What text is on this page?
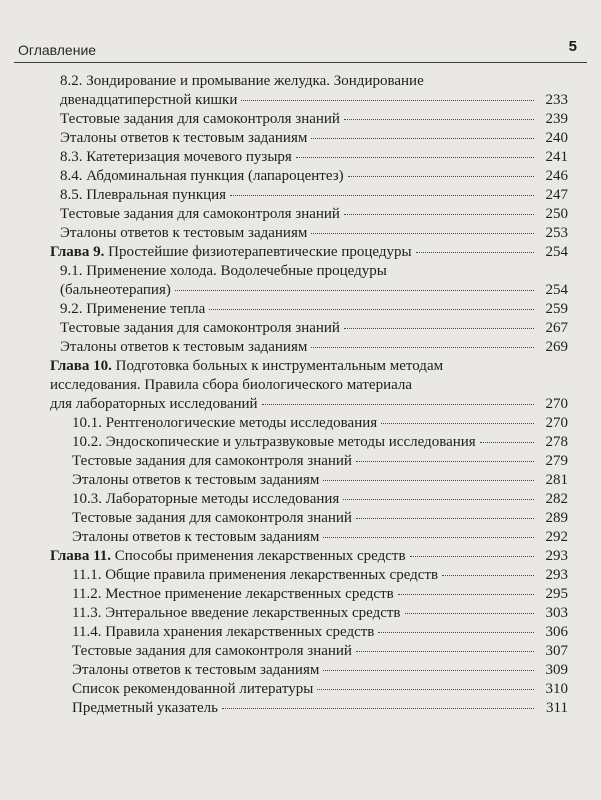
Оглавление	5
8.2. Зондирование и промывание желудка. Зондирование
двенадцатиперстной кишки	233
Тестовые задания для самоконтроля знаний	239
Эталоны ответов к тестовым заданиям	240
8.3. Катетеризация мочевого пузыря	241
8.4. Абдоминальная пункция (лапароцентез)	246
8.5. Плевральная пункция	247
Тестовые задания для самоконтроля знаний	250
Эталоны ответов к тестовым заданиям	253
Глава 9. Простейшие физиотерапевтические процедуры	254
9.1. Применение холода. Водолечебные процедуры
(бальнеотерапия)	254
9.2. Применение тепла	259
Тестовые задания для самоконтроля знаний	267
Эталоны ответов к тестовым заданиям	269
Глава 10. Подготовка больных к инструментальным методам
исследования. Правила сбора биологического материала
для лабораторных исследований	270
10.1. Рентгенологические методы исследования	270
10.2. Эндоскопические и ультразвуковые методы исследования	278
Тестовые задания для самоконтроля знаний	279
Эталоны ответов к тестовым заданиям	281
10.3. Лабораторные методы исследования	282
Тестовые задания для самоконтроля знаний	289
Эталоны ответов к тестовым заданиям	292
Глава 11. Способы применения лекарственных средств	293
11.1. Общие правила применения лекарственных средств	293
11.2. Местное применение лекарственных средств	295
11.3. Энтеральное введение лекарственных средств	303
11.4. Правила хранения лекарственных средств	306
Тестовые задания для самоконтроля знаний	307
Эталоны ответов к тестовым заданиям	309
Список рекомендованной литературы	310
Предметный указатель	311
